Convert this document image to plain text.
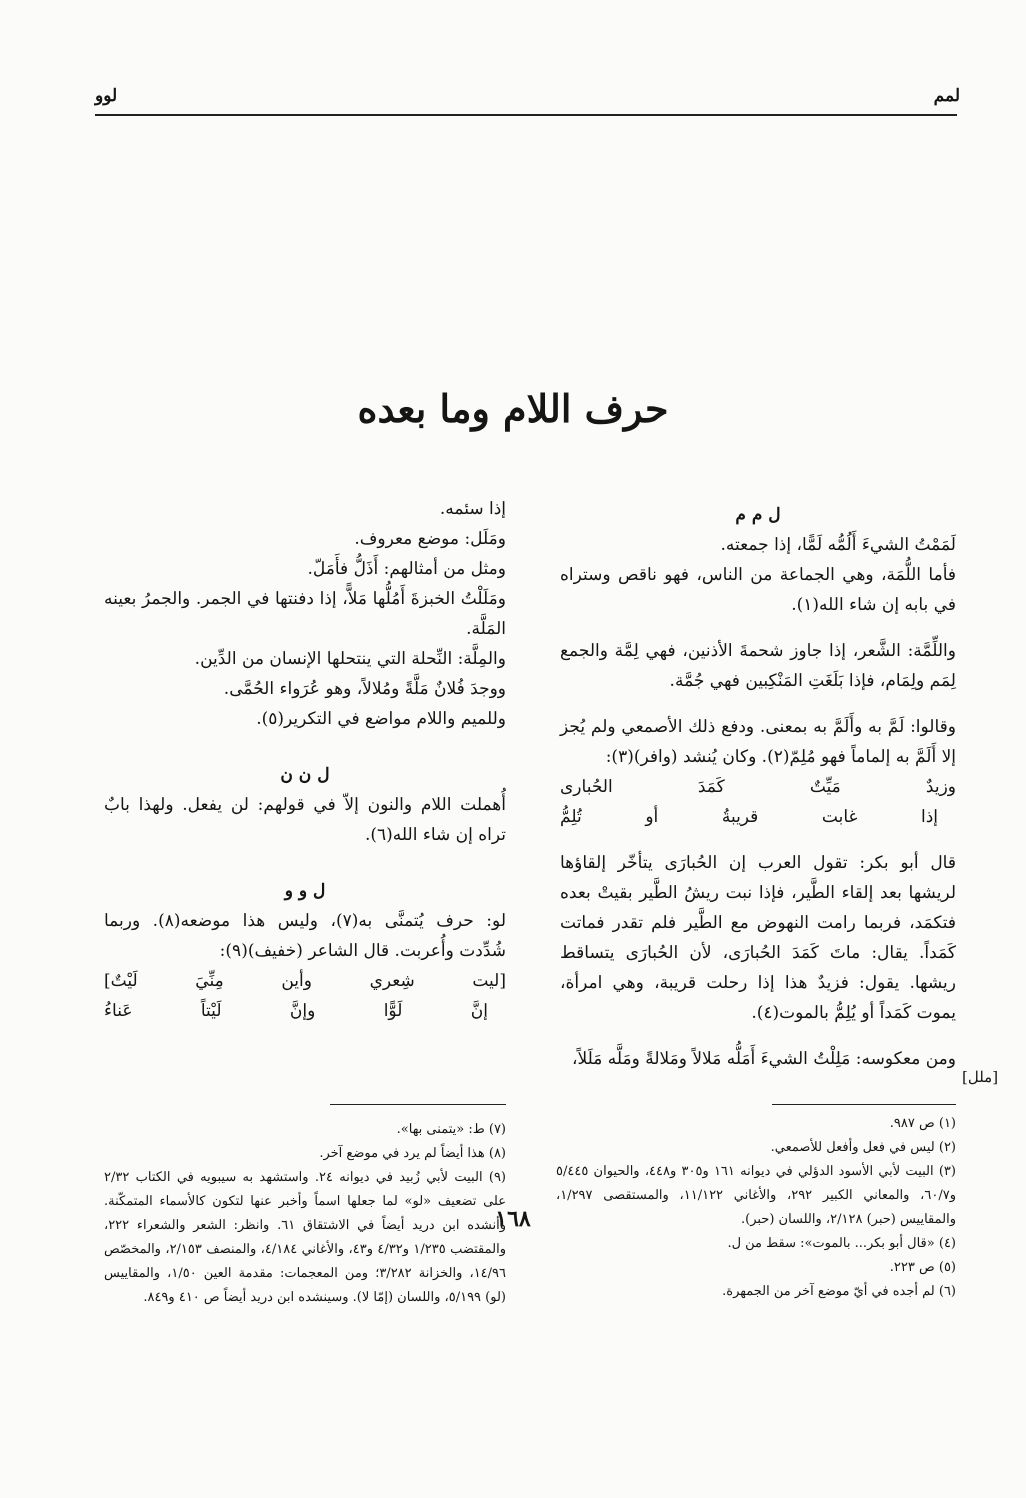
لمم
لوو
حرف اللام وما بعده

ل م م

لَمَمْتُ الشيءَ أَلُمُّه لَمًّا، إذا جمعته.

فأما اللُّمَة، وهي الجماعة من الناس، فهو ناقص وستراه في بابه إن شاء الله(١).

واللِّمَّة: الشَّعر، إذا جاوز شحمةَ الأذنين، فهي لِمَّة والجمع لِمَم ولِمَام، فإذا بَلَغَتِ المَنْكِبين فهي جُمَّة.

وقالوا: لَمَّ به وأَلَمَّ به بمعنى. ودفع ذلك الأصمعي ولم يُجز إلا أَلَمَّ به إلماماً فهو مُلِمّ(٢). وكان يُنشد (وافر)(٣):

وزيدٌ
مَيِّتٌ
كَمَدَ
الحُبارى
إذا
غابت
قريبةُ
أو
تُلِمُّ

قال أبو بكر: تقول العرب إن الحُبارَى يتأخّر إلقاؤها لريشها بعد إلقاء الطَّير، فإذا نبت ريشُ الطَّير بقيتْ بعده فتكمَد، فربما رامت النهوض مع الطَّير فلم تقدر فماتت كَمَداً. يقال: ماتَ كَمَدَ الحُبارَى، لأن الحُبارَى يتساقط ريشها. يقول: فزيدٌ هذا إذا رحلت قريبة، وهي امرأة، يموت كَمَداً أو يُلِمُّ بالموت(٤).

ومن معكوسه: مَلِلْتُ الشيءَ أَمَلُّه مَلالاً ومَلالةً ومَلَّه مَلَلاً،

[ملل]

إذا سئمه.

ومَلَل: موضع معروف.

ومثل من أمثالهم: أَذَلُّ فأَمَلّ.

ومَلَلْتُ الخبزةَ أَمُلُّها مَلاًّ، إذا دفنتها في الجمر. والجمرُ بعينه المَلَّة.

والمِلَّة: النِّحلة التي ينتحلها الإنسان من الدِّين.

ووجدَ فُلانٌ مَلَّةً ومُلالاً، وهو عُرَواء الحُمَّى.

وللميم واللام مواضع في التكرير(٥).

ل ن ن

أُهملت اللام والنون إلاّ في قولهم: لن يفعل. ولهذا بابٌ تراه إن شاء الله(٦).

ل و و

لو: حرف يُتمنَّى به(٧)، وليس هذا موضعه(٨). وربما شُدِّدت وأُعربت. قال الشاعر (خفيف)(٩):

[ليت
شِعري
وأين
مِنِّيَ
لَيْتٌ]
إنَّ
لَوًّا
وإنَّ
لَيْتاً
عَناءُ

(١) ص ٩٨٧.

(٢) ليس في فعل وأفعل للأصمعي.

(٣) البيت لأبي الأسود الدؤلي في ديوانه ١٦١ و٣٠٥ و٤٤٨، والحيوان ٥/٤٤٥ و٦٠/٧، والمعاني الكبير ٢٩٢، والأغاني ١١/١٢٢، والمستقصى ١/٢٩٧، والمقاييس (حبر) ٢/١٢٨، واللسان (حبر).

(٤) «قال أبو بكر... بالموت»: سقط من ل.

(٥) ص ٢٢٣.

(٦) لم أجده في أيّ موضع آخر من الجمهرة.

(٧) ط: «يتمنى بها».

(٨) هذا أيضاً لم يرد في موضع آخر.

(٩) البيت لأبي زُبيد في ديوانه ٢٤. واستشهد به سيبويه في الكتاب ٢/٣٢ على تضعيف «لو» لما جعلها اسماً وأخبر عنها لتكون كالأسماء المتمكّنة. وأنشده ابن دريد أيضاً في الاشتقاق ٦١. وانظر: الشعر والشعراء ٢٢٢، والمقتضب ١/٢٣٥ و٤/٣٢ و٤٣، والأغاني ٤/١٨٤، والمنصف ٢/١٥٣، والمخصّص ١٤/٩٦، والخزانة ٣/٢٨٢؛ ومن المعجمات: مقدمة العين ١/٥٠، والمقاييس (لو) ٥/١٩٩، واللسان (إمّا لا). وسينشده ابن دريد أيضاً ص ٤١٠ و٨٤٩.

١٦٨
